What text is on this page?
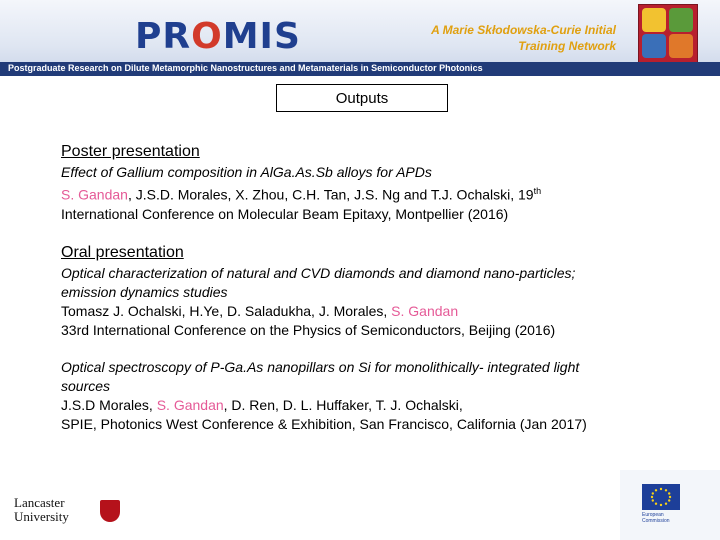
PROMIS	A Marie Skłodowska-Curie Initial
Training Network
Postgraduate Research on Dilute Metamorphic Nanostructures and Metamaterials in Semiconductor Photonics
Outputs
Poster presentation
Effect of Gallium composition in AlGa.As.Sb alloys for APDs
S. Gandan, J.S.D. Morales, X. Zhou, C.H. Tan, J.S. Ng and T.J. Ochalski, 19th
International Conference on Molecular Beam Epitaxy, Montpellier (2016)
Oral presentation
Optical characterization of natural and CVD diamonds and diamond nano-particles;
emission dynamics studies
Tomasz J. Ochalski, H.Ye, D. Saladukha, J. Morales, S. Gandan
33rd International Conference on the Physics of Semiconductors, Beijing (2016)
Optical spectroscopy of P-Ga.As nanopillars on Si for monolithically- integrated light
sources
J.S.D Morales, S. Gandan, D. Ren, D. L. Huffaker, T. J. Ochalski,
SPIE, Photonics West Conference & Exhibition, San Francisco, California (Jan 2017)
Lancaster
University	European
Commission
